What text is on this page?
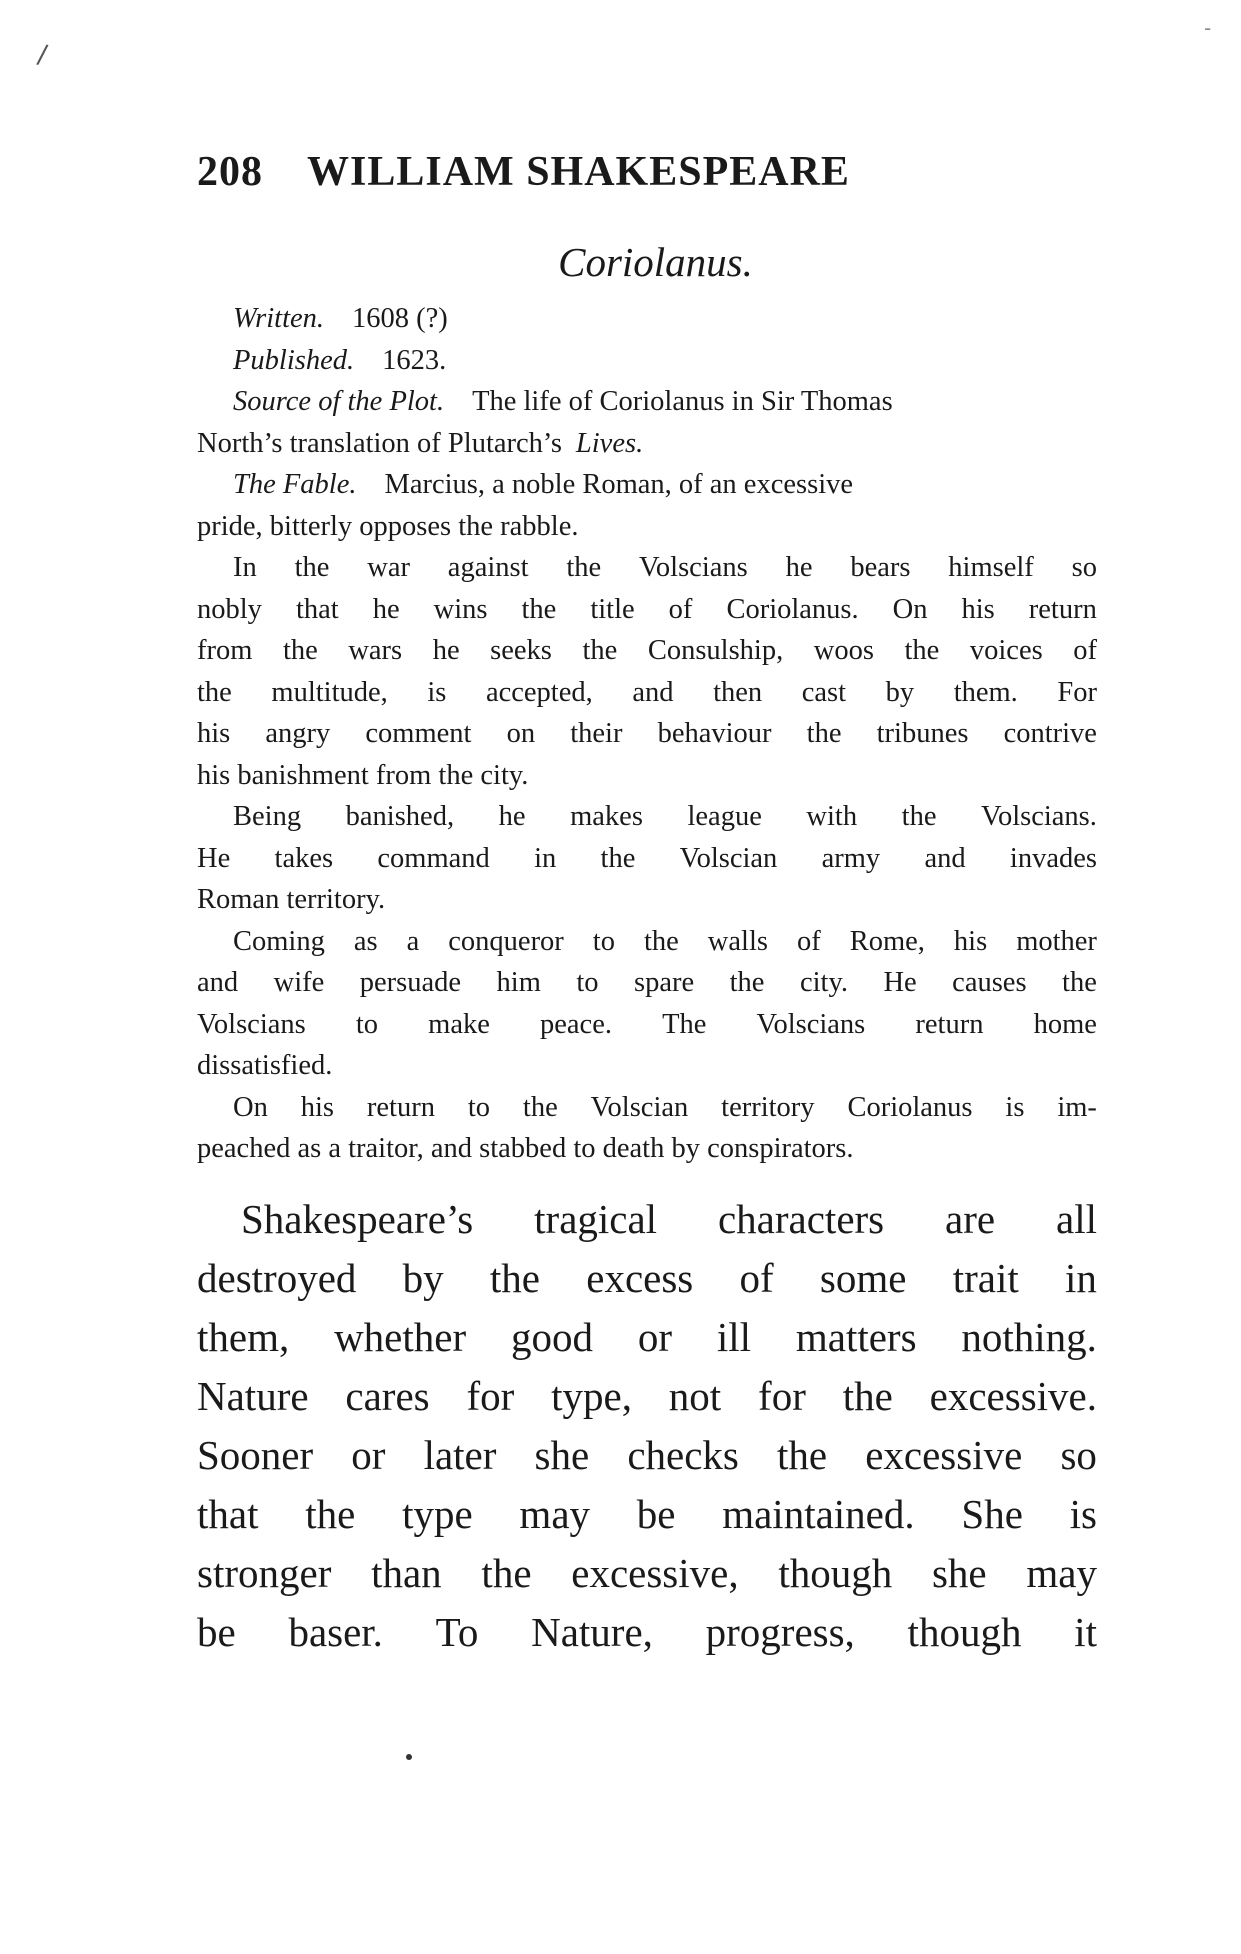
/
-
208 WILLIAM SHAKESPEARE
Coriolanus.
Written. 1608 (?)
Published. 1623.
Source of the Plot. The life of Coriolanus in Sir Thomas
North’s translation of Plutarch’s Lives.
The Fable. Marcius, a noble Roman, of an excessive
pride, bitterly opposes the rabble.
In the war against the Volscians he bears himself so
nobly that he wins the title of Coriolanus. On his return
from the wars he seeks the Consulship, woos the voices of
the multitude, is accepted, and then cast by them. For
his angry comment on their behaviour the tribunes contrive
his banishment from the city.
Being banished, he makes league with the Volscians.
He takes command in the Volscian army and invades
Roman territory.
Coming as a conqueror to the walls of Rome, his mother
and wife persuade him to spare the city. He causes the
Volscians to make peace. The Volscians return home
dissatisfied.
On his return to the Volscian territory Coriolanus is im-
peached as a traitor, and stabbed to death by conspirators.
Shakespeare’s tragical characters are all
destroyed by the excess of some trait in
them, whether good or ill matters nothing.
Nature cares for type, not for the excessive.
Sooner or later she checks the excessive so
that the type may be maintained. She is
stronger than the excessive, though she may
be baser. To Nature, progress, though it
